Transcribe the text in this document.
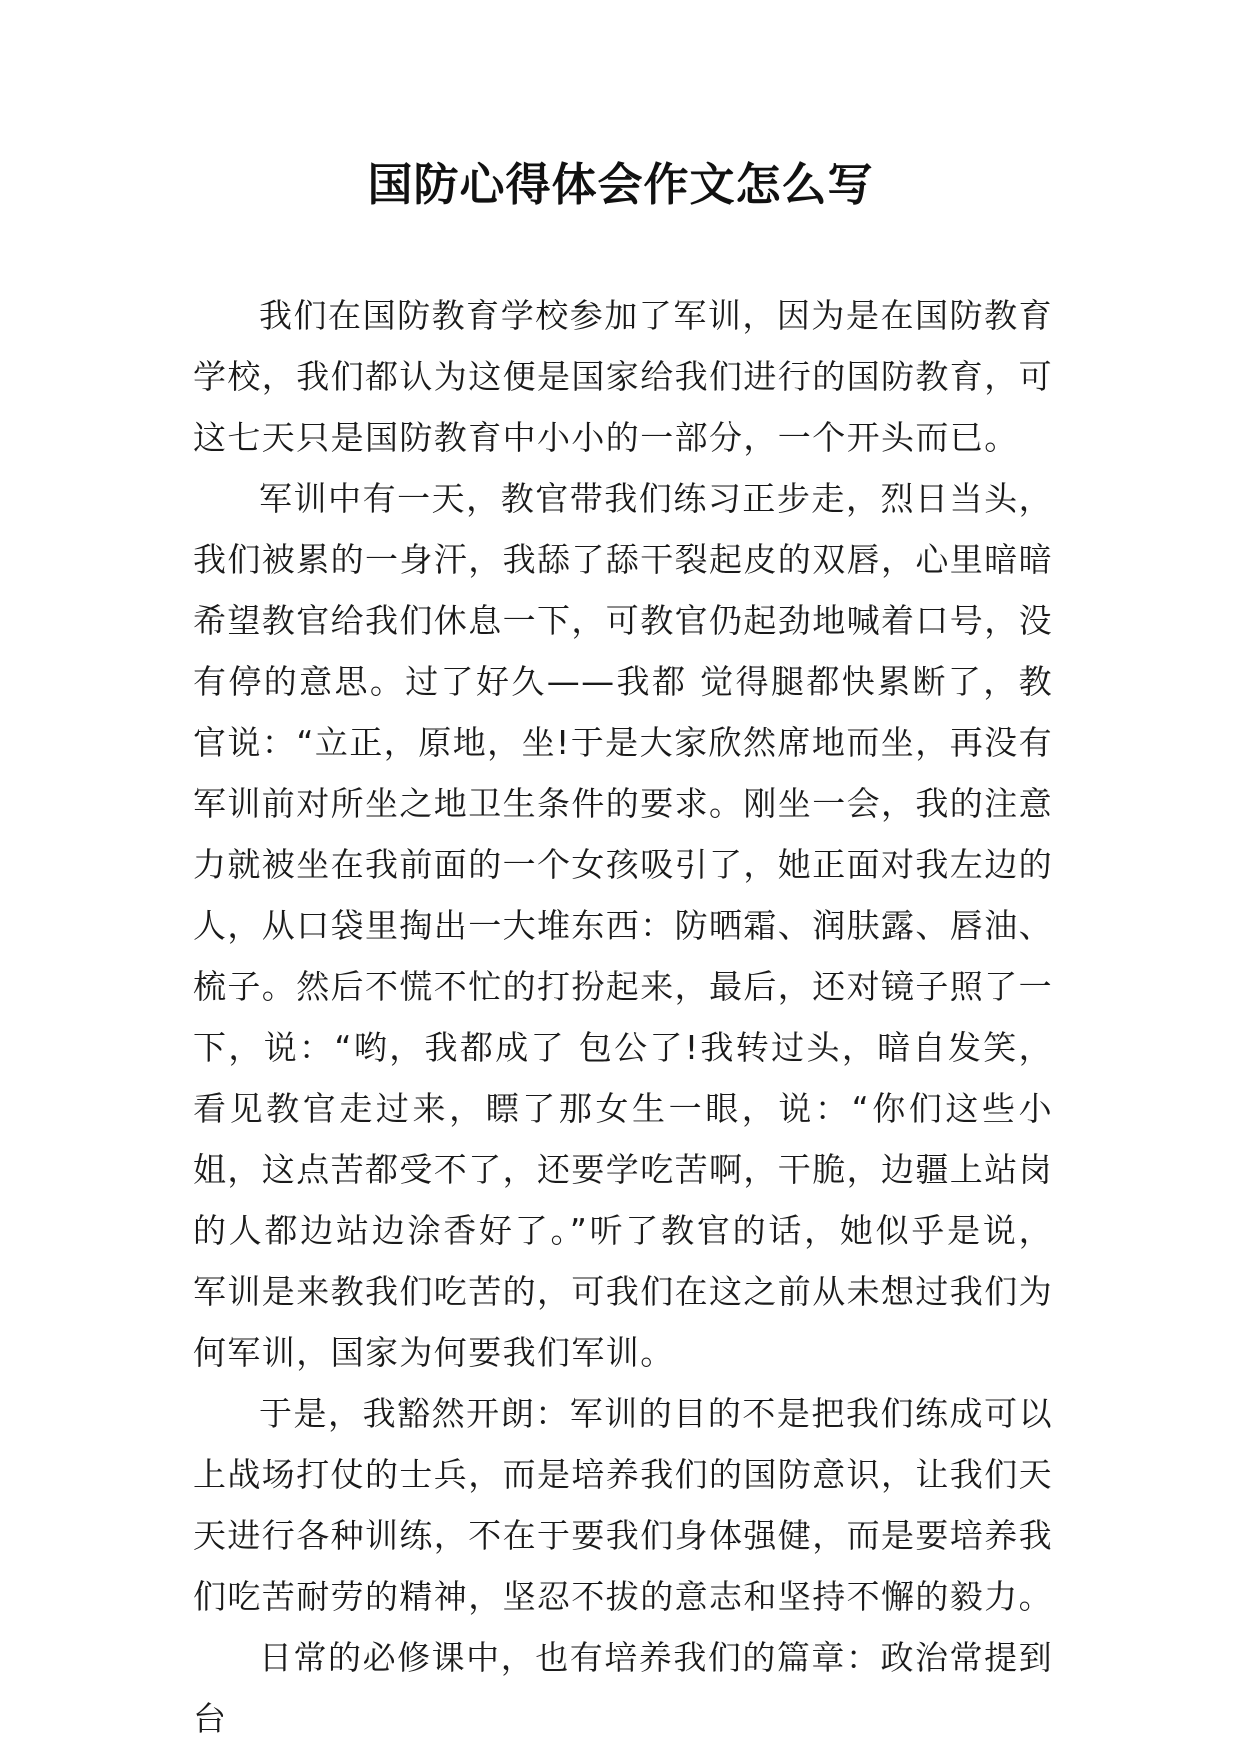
国防心得体会作文怎么写

我们在国防教育学校参加了军训，因为是在国防教育学校，我们都认为这便是国家给我们进行的国防教育，可这七天只是国防教育中小小的一部分，一个开头而已。

军训中有一天，教官带我们练习正步走，烈日当头，我们被累的一身汗，我舔了舔干裂起皮的双唇，心里暗暗希望教官给我们休息一下，可教官仍起劲地喊着口号，没有停的意思。过了好久——我都 觉得腿都快累断了，教官说：“立正，原地，坐!于是大家欣然席地而坐，再没有军训前对所坐之地卫生条件的要求。刚坐一会，我的注意力就被坐在我前面的一个女孩吸引了，她正面对我左边的人，从口袋里掏出一大堆东西：防晒霜、润肤露、唇油、梳子。然后不慌不忙的打扮起来，最后，还对镜子照了一下，说：“哟，我都成了 包公了!我转过头，暗自发笑，看见教官走过来，瞟了那女生一眼，说：“你们这些小姐，这点苦都受不了，还要学吃苦啊，干脆，边疆上站岗的人都边站边涂香好了。”听了教官的话，她似乎是说，军训是来教我们吃苦的，可我们在这之前从未想过我们为何军训，国家为何要我们军训。

于是，我豁然开朗：军训的目的不是把我们练成可以上战场打仗的士兵，而是培养我们的国防意识，让我们天天进行各种训练，不在于要我们身体强健，而是要培养我们吃苦耐劳的精神，坚忍不拔的意志和坚持不懈的毅力。

日常的必修课中，也有培养我们的篇章：政治常提到台
